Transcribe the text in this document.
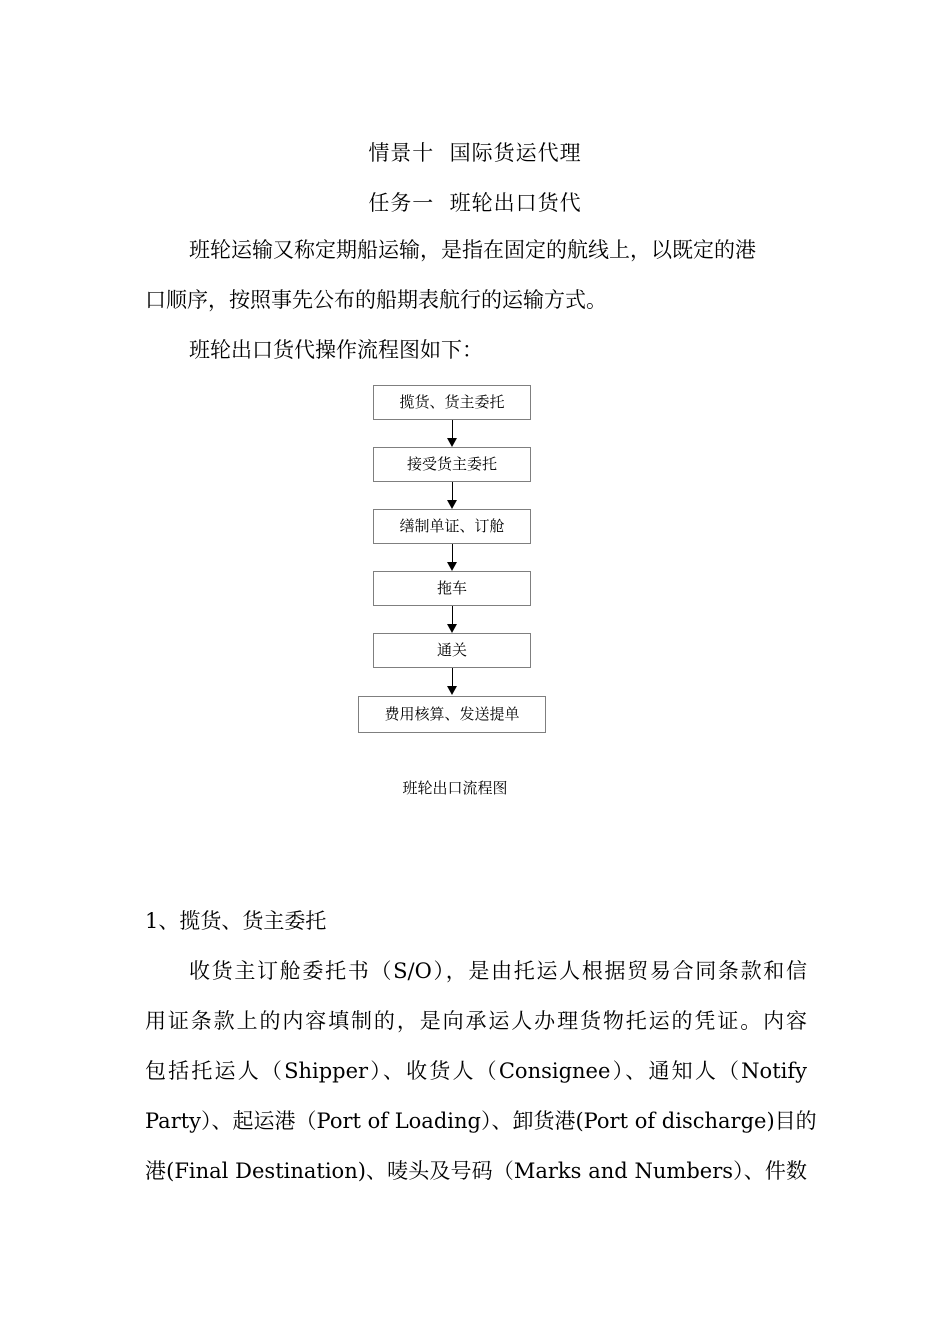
情景十  国际货运代理
任务一  班轮出口货代
班轮运输又称定期船运输，是指在固定的航线上，以既定的港
口顺序，按照事先公布的船期表航行的运输方式。
班轮出口货代操作流程图如下：
揽货、货主委托
接受货主委托
缮制单证、订舱
拖车
通关
费用核算、发送提单
班轮出口流程图
1、揽货、货主委托
收货主订舱委托书（S/O），是由托运人根据贸易合同条款和信
用证条款上的内容填制的，是向承运人办理货物托运的凭证。内容
包括托运人（Shipper）、收货人（Consignee）、通知人（Notify
Party）、起运港（Port of Loading）、卸货港(Port of discharge)目的
港(Final Destination)、唛头及号码（Marks and Numbers）、件数
